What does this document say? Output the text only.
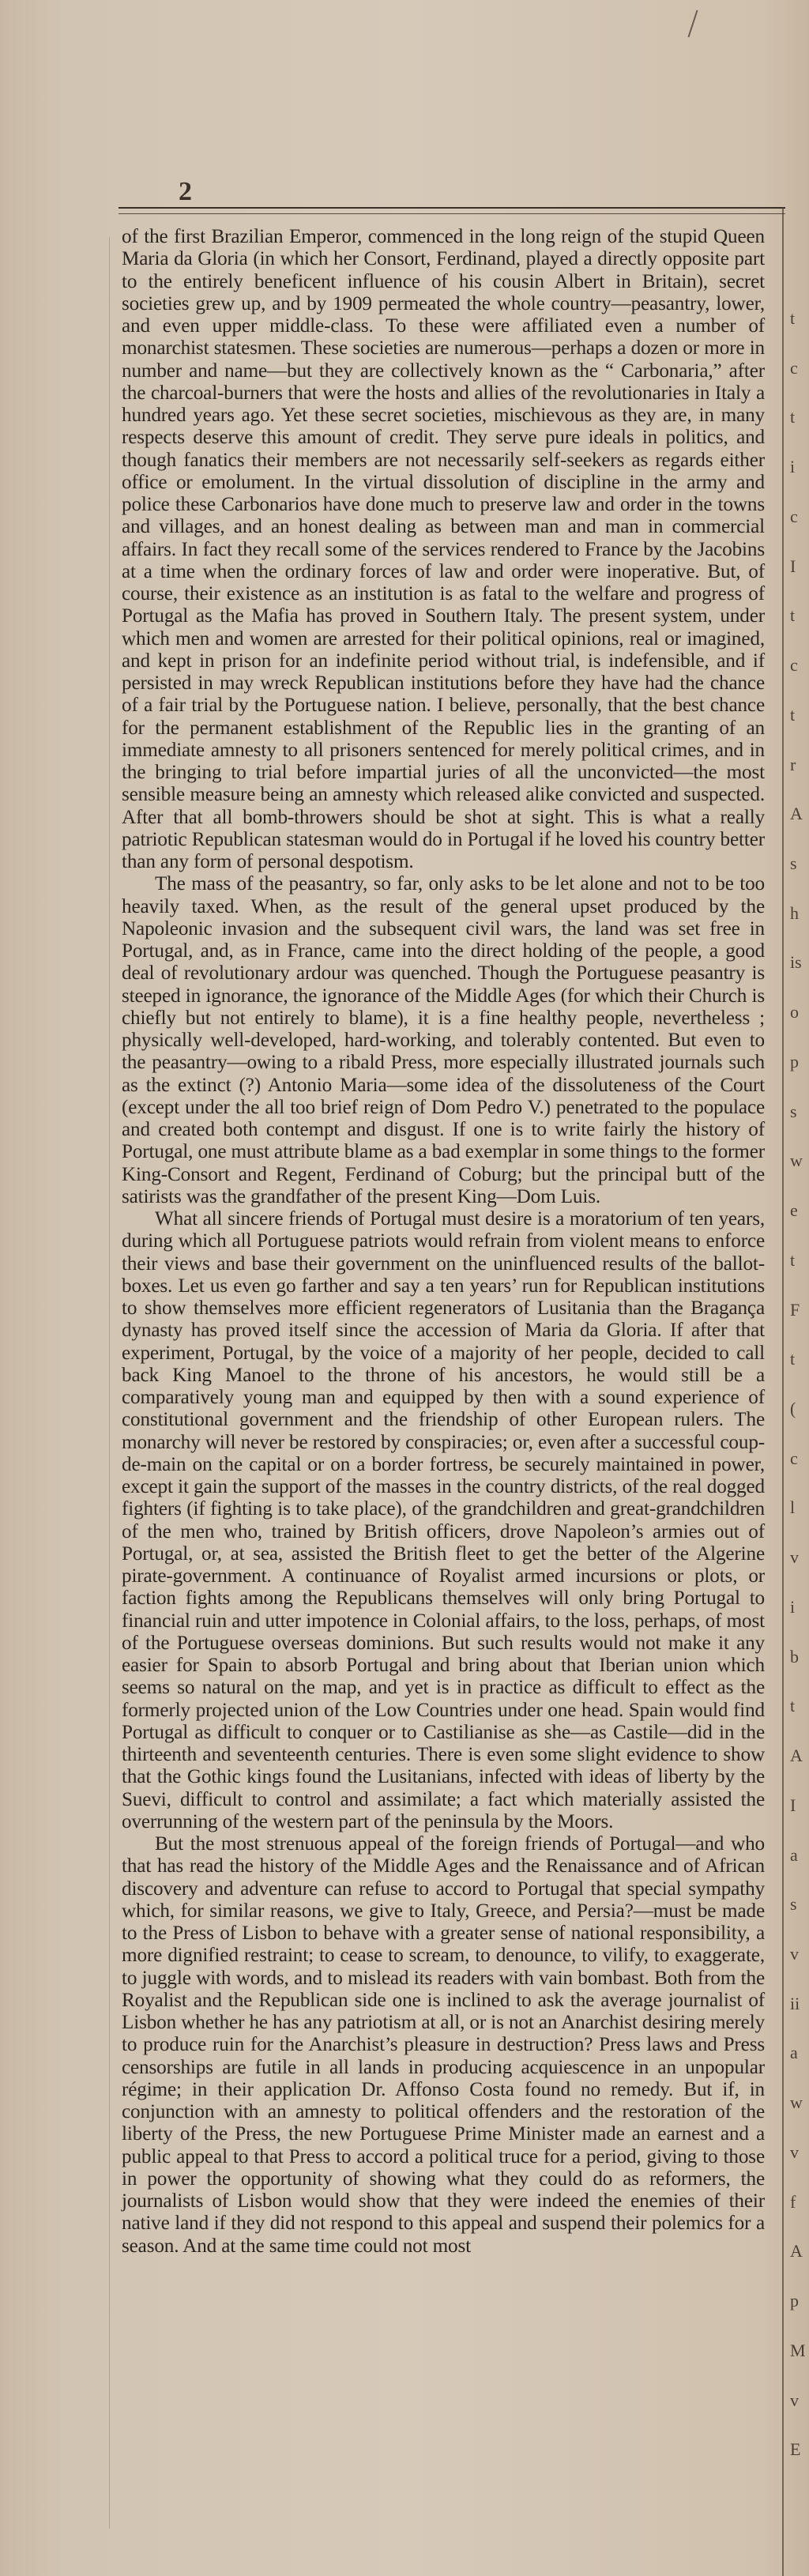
2

of the first Brazilian Emperor, commenced in the long reign of the stupid Queen Maria da Gloria (in which her Consort, Ferdinand, played a directly opposite part to the entirely beneficent influence of his cousin Albert in Britain), secret societies grew up, and by 1909 permeated the whole country—peasantry, lower, and even upper middle-class. To these were affiliated even a number of monarchist statesmen. These societies are numerous—perhaps a dozen or more in number and name—but they are collectively known as the “ Carbonaria,” after the charcoal-burners that were the hosts and allies of the revolutionaries in Italy a hundred years ago. Yet these secret societies, mischievous as they are, in many respects deserve this amount of credit. They serve pure ideals in politics, and though fanatics their members are not necessarily self-seekers as regards either office or emolument. In the virtual dissolution of discipline in the army and police these Carbonarios have done much to preserve law and order in the towns and villages, and an honest dealing as between man and man in commercial affairs. In fact they recall some of the services rendered to France by the Jacobins at a time when the ordinary forces of law and order were inoperative. But, of course, their existence as an institution is as fatal to the welfare and progress of Portugal as the Mafia has proved in Southern Italy. The present system, under which men and women are arrested for their political opinions, real or imagined, and kept in prison for an indefinite period without trial, is indefensible, and if persisted in may wreck Republican institutions before they have had the chance of a fair trial by the Portuguese nation. I believe, personally, that the best chance for the permanent establishment of the Republic lies in the granting of an immediate amnesty to all prisoners sentenced for merely political crimes, and in the bringing to trial before impartial juries of all the unconvicted—the most sensible measure being an amnesty which released alike convicted and suspected. After that all bomb-throwers should be shot at sight. This is what a really patriotic Republican statesman would do in Portugal if he loved his country better than any form of personal despotism.

The mass of the peasantry, so far, only asks to be let alone and not to be too heavily taxed. When, as the result of the general upset produced by the Napoleonic invasion and the subsequent civil wars, the land was set free in Portugal, and, as in France, came into the direct holding of the people, a good deal of revolutionary ardour was quenched. Though the Portuguese peasantry is steeped in ignorance, the ignorance of the Middle Ages (for which their Church is chiefly but not entirely to blame), it is a fine healthy people, nevertheless ; physically well-developed, hard-working, and tolerably contented. But even to the peasantry—owing to a ribald Press, more especially illustrated journals such as the extinct (?) Antonio Maria—some idea of the dissoluteness of the Court (except under the all too brief reign of Dom Pedro V.) penetrated to the populace and created both contempt and disgust. If one is to write fairly the history of Portugal, one must attribute blame as a bad exemplar in some things to the former King-Consort and Regent, Ferdinand of Coburg; but the principal butt of the satirists was the grandfather of the present King—Dom Luis.

What all sincere friends of Portugal must desire is a moratorium of ten years, during which all Portuguese patriots would refrain from violent means to enforce their views and base their government on the uninfluenced results of the ballot-boxes. Let us even go farther and say a ten years’ run for Republican institutions to show themselves more efficient regenerators of Lusitania than the Bragança dynasty has proved itself since the accession of Maria da Gloria. If after that experiment, Portugal, by the voice of a majority of her people, decided to call back King Manoel to the throne of his ancestors, he would still be a comparatively young man and equipped by then with a sound experience of constitutional government and the friendship of other European rulers. The monarchy will never be restored by conspiracies; or, even after a successful coup-de-main on the capital or on a border fortress, be securely maintained in power, except it gain the support of the masses in the country districts, of the real dogged fighters (if fighting is to take place), of the grandchildren and great-grandchildren of the men who, trained by British officers, drove Napoleon’s armies out of Portugal, or, at sea, assisted the British fleet to get the better of the Algerine pirate-government. A continuance of Royalist armed incursions or plots, or faction fights among the Republicans themselves will only bring Portugal to financial ruin and utter impotence in Colonial affairs, to the loss, perhaps, of most of the Portuguese overseas dominions. But such results would not make it any easier for Spain to absorb Portugal and bring about that Iberian union which seems so natural on the map, and yet is in practice as difficult to effect as the formerly projected union of the Low Countries under one head. Spain would find Portugal as difficult to conquer or to Castilianise as she—as Castile—did in the thirteenth and seventeenth centuries. There is even some slight evidence to show that the Gothic kings found the Lusitanians, infected with ideas of liberty by the Suevi, difficult to control and assimilate; a fact which materially assisted the overrunning of the western part of the peninsula by the Moors.

But the most strenuous appeal of the foreign friends of Portugal—and who that has read the history of the Middle Ages and the Renaissance and of African discovery and adventure can refuse to accord to Portugal that special sympathy which, for similar reasons, we give to Italy, Greece, and Persia?—must be made to the Press of Lisbon to behave with a greater sense of national responsibility, a more dignified restraint; to cease to scream, to denounce, to vilify, to exaggerate, to juggle with words, and to mislead its readers with vain bombast. Both from the Royalist and the Republican side one is inclined to ask the average journalist of Lisbon whether he has any patriotism at all, or is not an Anarchist desiring merely to produce ruin for the Anarchist’s pleasure in destruction? Press laws and Press censorships are futile in all lands in producing acquiescence in an unpopular régime; in their application Dr. Affonso Costa found no remedy. But if, in conjunction with an amnesty to political offenders and the restoration of the liberty of the Press, the new Portuguese Prime Minister made an earnest and a public appeal to that Press to accord a political truce for a period, giving to those in power the opportunity of showing what they could do as reformers, the journalists of Lisbon would show that they were indeed the enemies of their native land if they did not respond to this appeal and suspend their polemics for a season. And at the same time could not most

t
c
t
i
c
I
t
c
t
r
A
s
h
is
o
p
s
w
e
t
F
t
(
c
l
v
i
b
t
A
I
a
s
v
ii
a
w
v
f
A
p
M
v
E
